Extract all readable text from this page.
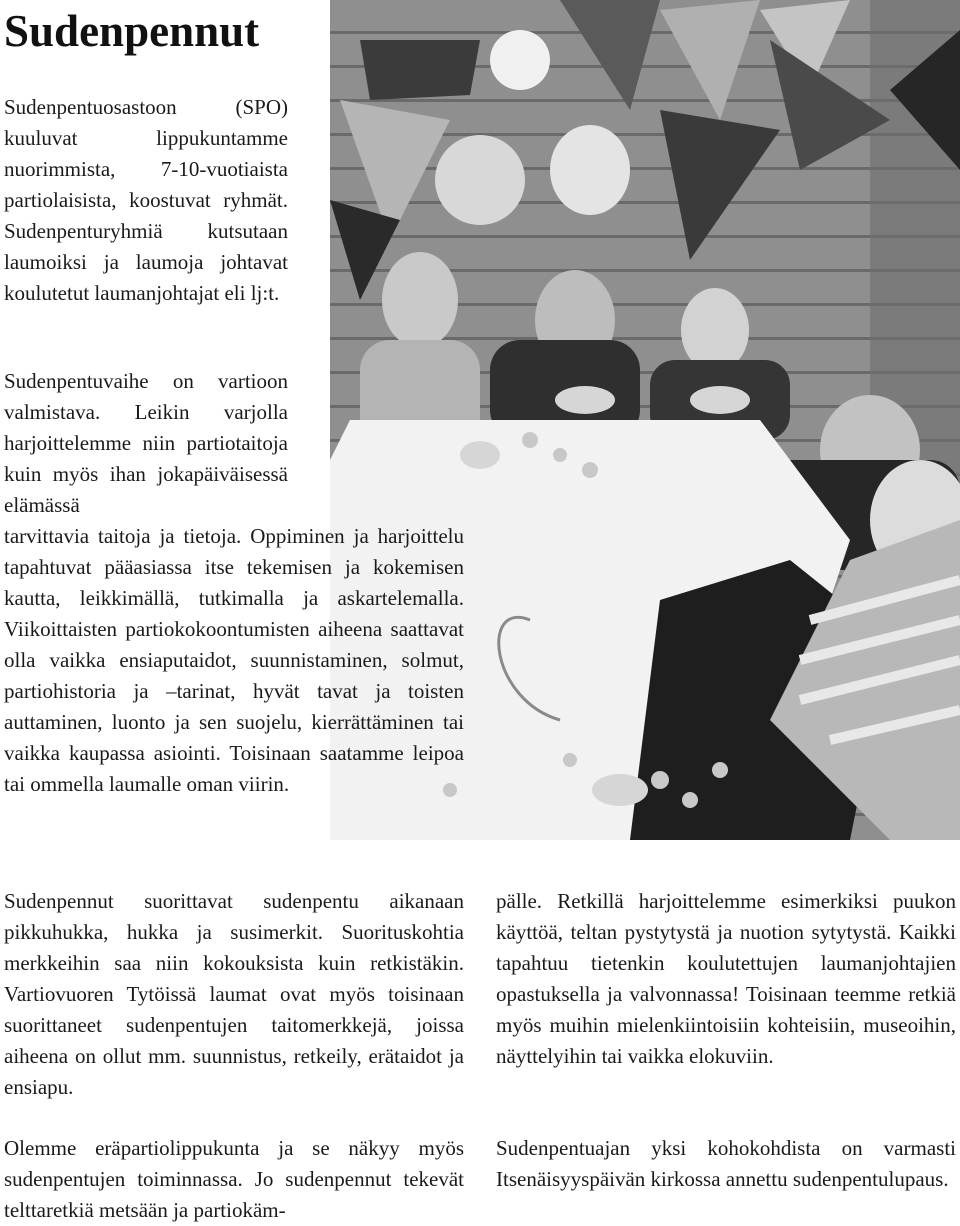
Sudenpennut

Sudenpentuosastoon (SPO) kuuluvat lippukuntamme nuorimmista, 7-10-vuotiaista partiolaisista, koostuvat ryhmät. Sudenpenturyhmiä kutsutaan laumoiksi ja laumoja johtavat koulutetut laumanjohtajat eli lj:t.

Sudenpentuvaihe on vartioon valmistava. Leikin varjolla harjoittelemme niin partiotaitoja kuin myös ihan jokapäiväisessä elämässä

tarvittavia taitoja ja tietoja. Oppiminen ja harjoittelu tapahtuvat pääasiassa itse tekemisen ja kokemisen kautta, leikkimällä, tutkimalla ja askartelemalla. Viikoittaisten partiokokoontumisten aiheena saattavat olla vaikka ensiaputaidot, suunnistaminen, solmut, partiohistoria ja –tarinat, hyvät tavat ja toisten auttaminen, luonto ja sen suojelu, kierrättäminen tai vaikka kaupassa asiointi. Toisinaan saatamme leipoa tai ommella laumalle oman viirin.

Sudenpennut suorittavat sudenpentu aikanaan pikkuhukka, hukka ja susimerkit. Suorituskohtia merkkeihin saa niin kokouksista kuin retkistäkin. Vartiovuoren Tytöissä laumat ovat myös toisinaan suorittaneet sudenpentujen taitomerkkejä, joissa aiheena on ollut mm. suunnistus, retkeily, erätaidot ja ensiapu.

Olemme eräpartiolippukunta ja se näkyy myös sudenpentujen toiminnassa. Jo sudenpennut tekevät telttaretkiä metsään ja partiokäm-

pälle. Retkillä harjoittelemme esimerkiksi puukon käyttöä, teltan pystytystä ja nuotion sytytystä. Kaikki tapahtuu tietenkin koulutettujen laumanjohtajien opastuksella ja valvonnassa! Toisinaan teemme retkiä myös muihin mielenkiintoisiin kohteisiin, museoihin, näyttelyihin tai vaikka elokuviin.

Sudenpentuajan yksi kohokohdista on varmasti Itsenäisyyspäivän kirkossa annettu sudenpentulupaus.
